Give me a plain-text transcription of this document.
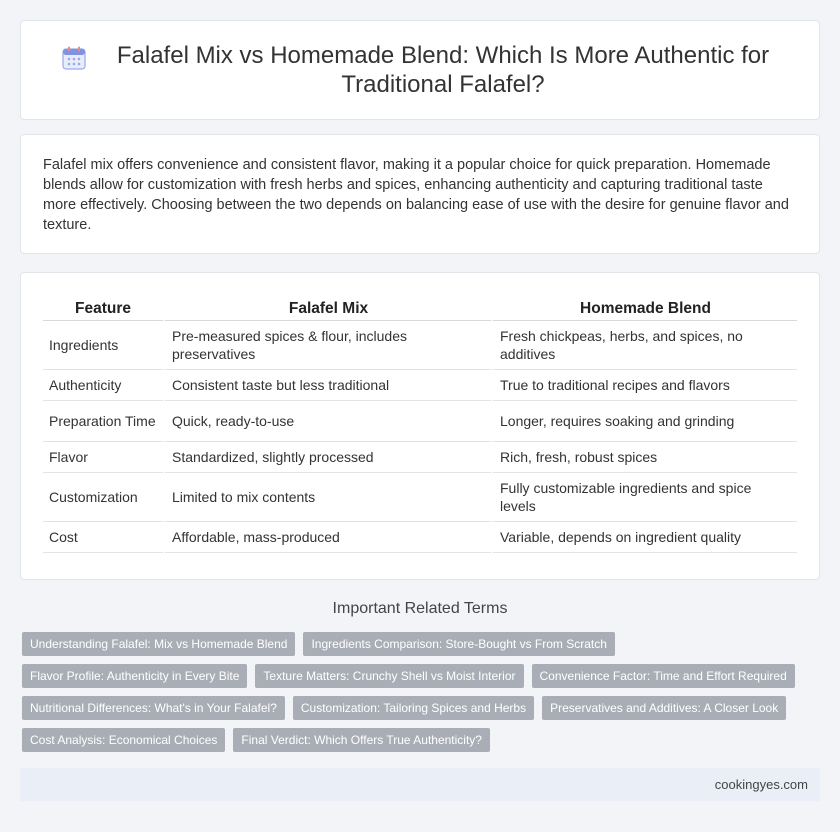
Falafel Mix vs Homemade Blend: Which Is More Authentic for Traditional Falafel?

Falafel mix offers convenience and consistent flavor, making it a popular choice for quick preparation. Homemade blends allow for customization with fresh herbs and spices, enhancing authenticity and capturing traditional taste more effectively. Choosing between the two depends on balancing ease of use with the desire for genuine flavor and texture.

Feature	Falafel Mix	Homemade Blend
Ingredients	Pre-measured spices & flour, includes preservatives	Fresh chickpeas, herbs, and spices, no additives
Authenticity	Consistent taste but less traditional	True to traditional recipes and flavors
Preparation Time	Quick, ready-to-use	Longer, requires soaking and grinding
Flavor	Standardized, slightly processed	Rich, fresh, robust spices
Customization	Limited to mix contents	Fully customizable ingredients and spice levels
Cost	Affordable, mass-produced	Variable, depends on ingredient quality
Important Related Terms
Understanding Falafel: Mix vs Homemade Blend	Ingredients Comparison: Store-Bought vs From Scratch
Flavor Profile: Authenticity in Every Bite	Texture Matters: Crunchy Shell vs Moist Interior	Convenience Factor: Time and Effort Required
Nutritional Differences: What's in Your Falafel?	Customization: Tailoring Spices and Herbs	Preservatives and Additives: A Closer Look
Cost Analysis: Economical Choices	Final Verdict: Which Offers True Authenticity?
cookingyes.com
